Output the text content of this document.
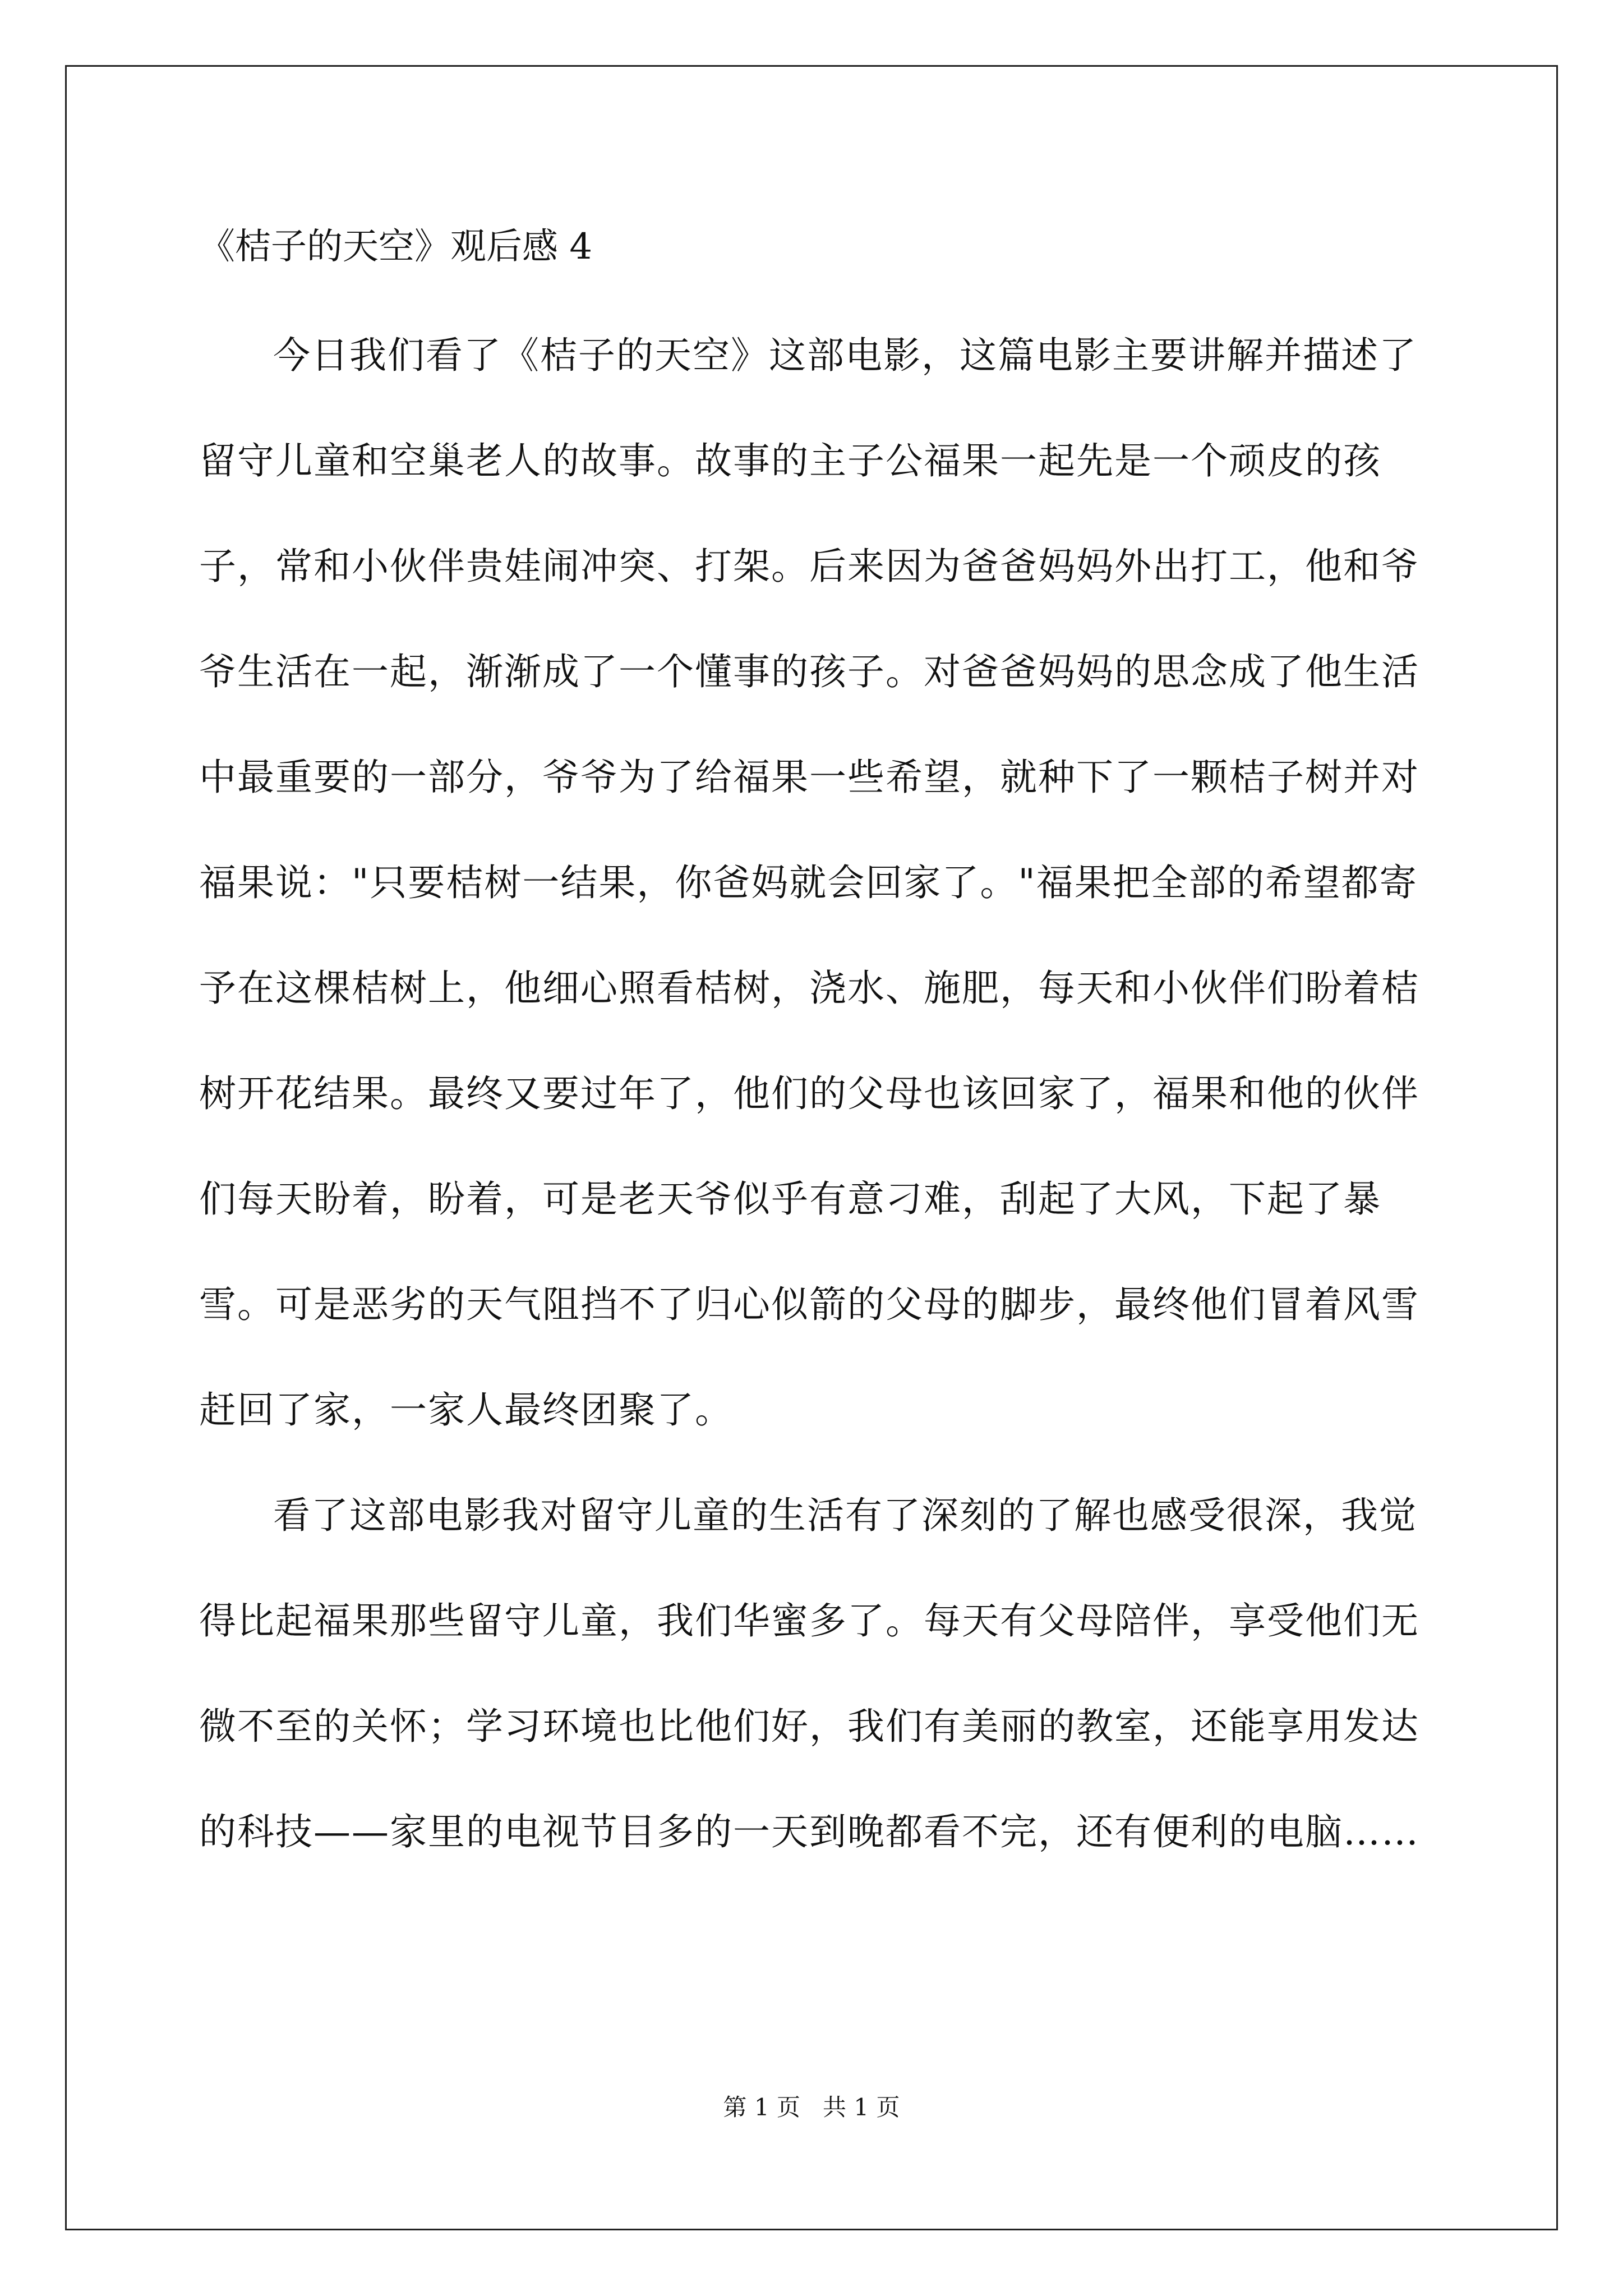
《桔子的天空》观后感 4

今日我们看了《桔子的天空》这部电影，这篇电影主要讲解并描述了留守儿童和空巢老人的故事。故事的主子公福果一起先是一个顽皮的孩子，常和小伙伴贵娃闹冲突、打架。后来因为爸爸妈妈外出打工，他和爷爷生活在一起，渐渐成了一个懂事的孩子。对爸爸妈妈的思念成了他生活中最重要的一部分，爷爷为了给福果一些希望，就种下了一颗桔子树并对福果说："只要桔树一结果，你爸妈就会回家了。"福果把全部的希望都寄予在这棵桔树上，他细心照看桔树，浇水、施肥，每天和小伙伴们盼着桔树开花结果。最终又要过年了，他们的父母也该回家了，福果和他的伙伴们每天盼着，盼着，可是老天爷似乎有意刁难，刮起了大风，下起了暴雪。可是恶劣的天气阻挡不了归心似箭的父母的脚步，最终他们冒着风雪赶回了家，一家人最终团聚了。

看了这部电影我对留守儿童的生活有了深刻的了解也感受很深，我觉得比起福果那些留守儿童，我们华蜜多了。每天有父母陪伴，享受他们无微不至的关怀；学习环境也比他们好，我们有美丽的教室，还能享用发达的科技——家里的电视节目多的一天到晚都看不完，还有便利的电脑……

第 1 页   共 1 页
